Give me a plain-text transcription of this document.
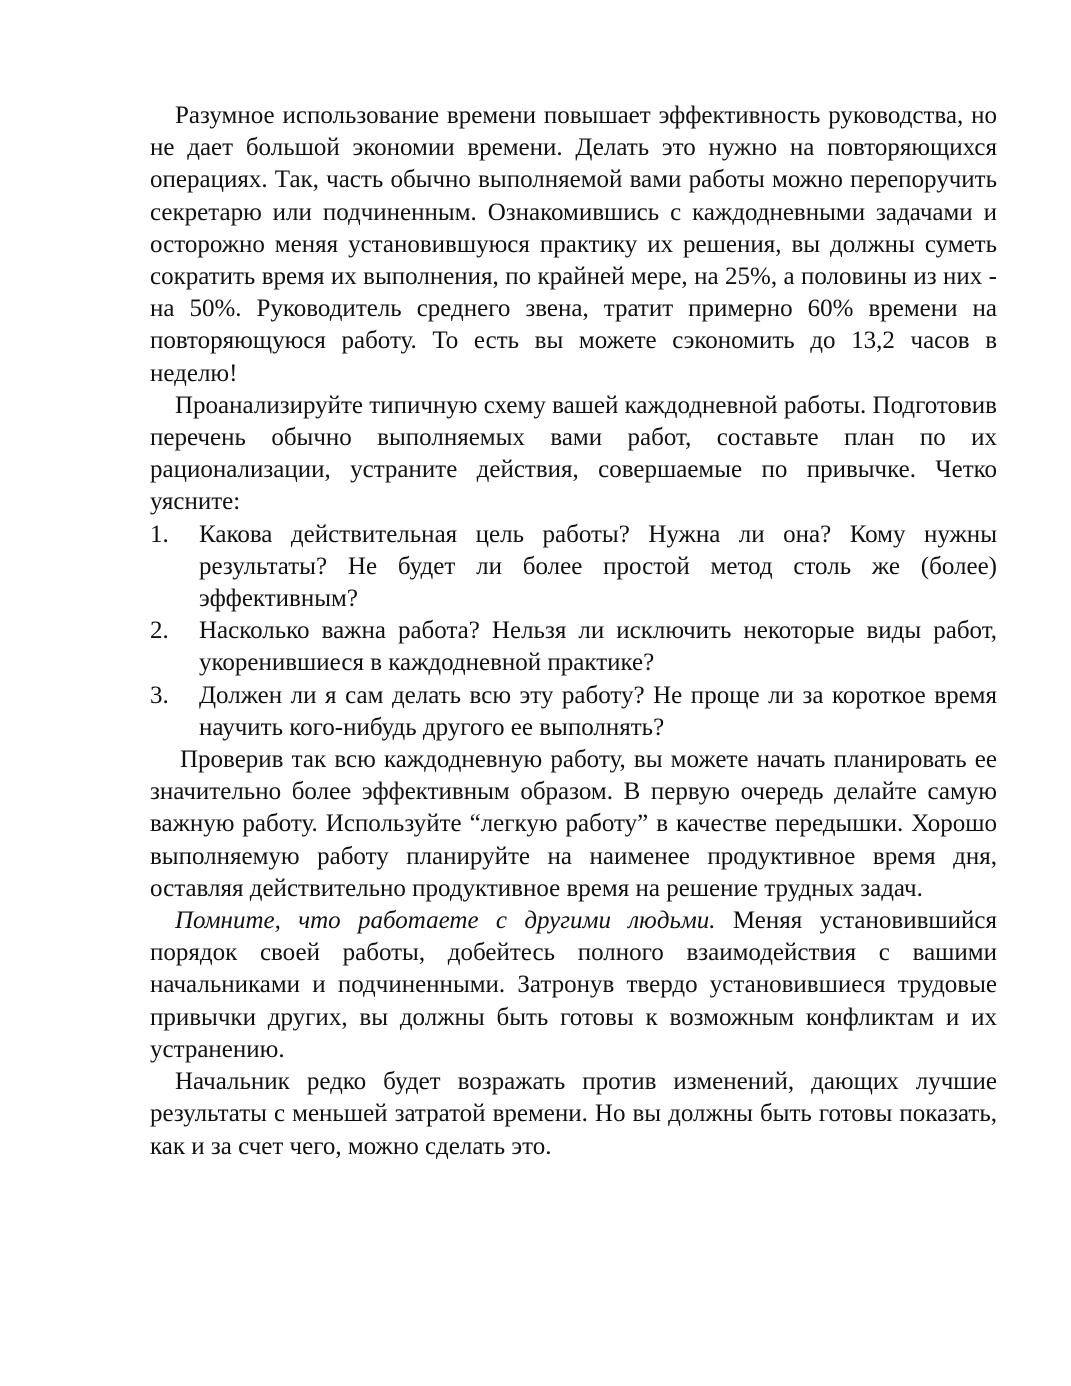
Разумное использование времени повышает эффективность руководства, но не дает большой экономии времени. Делать это нужно на повторяющихся операциях. Так, часть обычно выполняемой вами работы можно перепоручить секретарю или подчиненным. Ознакомившись с каждодневными задачами и осторожно меняя установившуюся практику их решения, вы должны суметь сократить время их выполнения, по крайней мере, на 25%, а половины из них - на 50%. Руководитель среднего звена, тратит примерно 60% времени на повторяющуюся работу. То есть вы можете сэкономить до 13,2 часов в неделю!

Проанализируйте типичную схему вашей каждодневной работы. Подготовив перечень обычно выполняемых вами работ, составьте план по их рационализации, устраните действия, совершаемые по привычке. Четко уясните:

1. Какова действительная цель работы? Нужна ли она? Кому нужны результаты? Не будет ли более простой метод столь же (более) эффективным?
2. Насколько важна работа? Нельзя ли исключить некоторые виды работ, укоренившиеся в каждодневной практике?
3. Должен ли я сам делать всю эту работу? Не проще ли за короткое время научить кого-нибудь другого ее выполнять?

Проверив так всю каждодневную работу, вы можете начать планировать ее значительно более эффективным образом. В первую очередь делайте самую важную работу. Используйте “легкую работу” в качестве передышки. Хорошо выполняемую работу планируйте на наименее продуктивное время дня, оставляя действительно продуктивное время на решение трудных задач.

Помните, что работаете с другими людьми. Меняя установившийся порядок своей работы, добейтесь полного взаимодействия с вашими начальниками и подчиненными. Затронув твердо установившиеся трудовые привычки других, вы должны быть готовы к возможным конфликтам и их устранению.

Начальник редко будет возражать против изменений, дающих лучшие результаты с меньшей затратой времени. Но вы должны быть готовы показать, как и за счет чего, можно сделать это.
